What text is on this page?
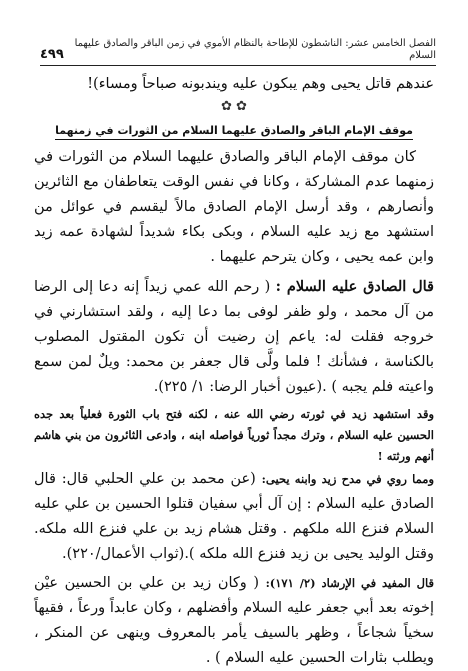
الفصل الخامس عشر: الناشطون للإطاحة بالنظام الأموي في زمن الباقر والصادق عليهما السلام
٤٩٩

عندهم قاتل يحيى وهم يبكون عليه ويندبونه صباحاً ومساء)!

✿ ✿
موقف الإمام الباقر والصادق عليهما السلام من الثورات في زمنهما

كان موقف الإمام الباقر والصادق عليهما السلام من الثورات في زمنهما عدم المشاركة ، وكانا في نفس الوقت يتعاطفان مع الثائرين وأنصارهم ، وقد أرسل الإمام الصادق مالاً ليقسم في عوائل من استشهد مع زيد عليه السلام ، وبكى بكاء شديداً لشهادة عمه زيد وابن عمه يحيى ، وكان يترحم عليهما .

قال الصادق عليه السلام : ( رحم الله عمي زيداً إنه دعا إلى الرضا من آل محمد ، ولو ظفر لوفى بما دعا إليه ، ولقد استشارني في خروجه فقلت له: ياعم إن رضيت أن تكون المقتول المصلوب بالكناسة ، فشأنك ! فلما ولَّى قال جعفر بن محمد: ويلٌ لمن سمع واعيته فلم يجبه ) .(عيون أخبار الرضا: ١/ ٢٢٥).

وقد استشهد زيد في ثورته رضي الله عنه ، لكنه فتح باب الثورة فعلياً بعد جده الحسين عليه السلام ، وترك مجداً ثورياً فواصله ابنه ، وادعى الثائرون من بني هاشم أنهم ورثته !

ومما روي في مدح زيد وابنه يحيى: (عن محمد بن علي الحلبي قال: قال الصادق عليه السلام : إن آل أبي سفيان قتلوا الحسين بن علي عليه السلام فنزع الله ملكهم . وقتل هشام زيد بن علي فنزع الله ملكه. وقتل الوليد يحيى بن زيد فنزع الله ملكه ).(ثواب الأعمال/٢٢٠).

قال المفيد في الإرشاد (٢/ ١٧١): ( وكان زيد بن علي بن الحسين عيْن إخوته بعد أبي جعفر عليه السلام وأفضلهم ، وكان عابداً ورعاً ، فقيهاً سخياً شجاعاً ، وظهر بالسيف يأمر بالمعروف وينهى عن المنكر ، ويطلب بثارات الحسين عليه السلام ) .
